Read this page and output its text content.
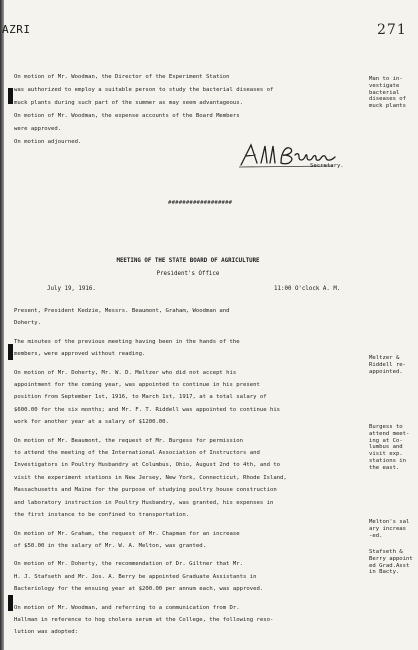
AZRI	271

On motion of Mr. Woodman, the Director of the Experiment Station

was authorized to employ a suitable person to study the bacterial diseases of

muck plants during such part of the summer as may seem advantageous.

On motion of Mr. Woodman, the expense accounts of the Board Members

were approved.

On motion adjourned.

Secretary.
##################
MEETING OF THE STATE BOARD OF AGRICULTURE
President's Office
July 19, 1916.	11:00 O'clock A. M.

Present, President Kedzie, Messrs. Beaumont, Graham, Woodman and

Doherty.

The minutes of the previous meeting having been in the hands of the

members, were approved without reading.

On motion of Mr. Doherty, Mr. W. D. Meltzer who did not accept his

appointment for the coming year, was appointed to continue in his present

position from September 1st, 1916, to March 1st, 1917, at a total salary of

$600.00 for the six months; and Mr. F. T. Riddell was appointed to continue his

work for another year at a salary of $1200.00.

On motion of Mr. Beaumont, the request of Mr. Burgess for permission

to attend the meeting of the International Association of Instructors and

Investigators in Poultry Husbandry at Columbus, Ohio, August 2nd to 4th, and to

visit the experiment stations in New Jersey, New York, Connecticut, Rhode Island,

Massachusetts and Maine for the purpose of studying poultry house construction

and laboratory instruction in Poultry Husbandry, was granted, his expenses in

the first instance to be confined to transportation.

On motion of Mr. Graham, the request of Mr. Chapman for an increase

of $50.00 in the salary of Mr. W. A. Melton, was granted.

On motion of Mr. Doherty, the recommendation of Dr. Giltner that Mr.

H. J. Stafseth and Mr. Jos. A. Berry be appointed Graduate Assistants in

Bacteriology for the ensuing year at $200.00 per annum each, was approved.

On motion of Mr. Woodman, and referring to a communication from Dr.

Hallman in reference to hog cholera serum at the College, the following reso-

lution was adopted:

Man to in-
vestigate
bacterial
diseases of
muck plants
Meltzer &
Riddell re-
appointed.
Burgess to
attend meet-
ing at Co-
lumbus and
visit exp.
stations in
the east.
Melton's sal
ary increas
-ed.
Stafseth &
Berry appoint
ed Grad.Asst
in Bacty.
